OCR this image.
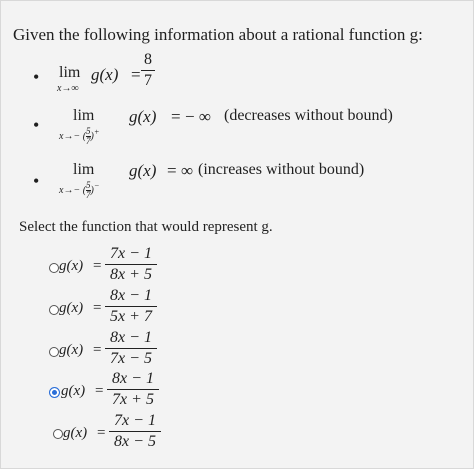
Given the following information about a rational function g:
• lim
x→∞
g(x) =
8
7
• lim
$x\to- (\frac{5}{7})^+$
g(x) = − ∞ (decreases without bound)
•
lim
$x\to- (\frac{5}{7})^-$
g(x) = ∞ (increases without bound)
Select the function that would represent g.
g(x) =
7x − 1
8x + 5
g(x) =
8x − 1
5x + 7
g(x) =
8x − 1
7x − 5
g(x) =
8x − 1
7x + 5
g(x) =
7x − 1
8x − 5
